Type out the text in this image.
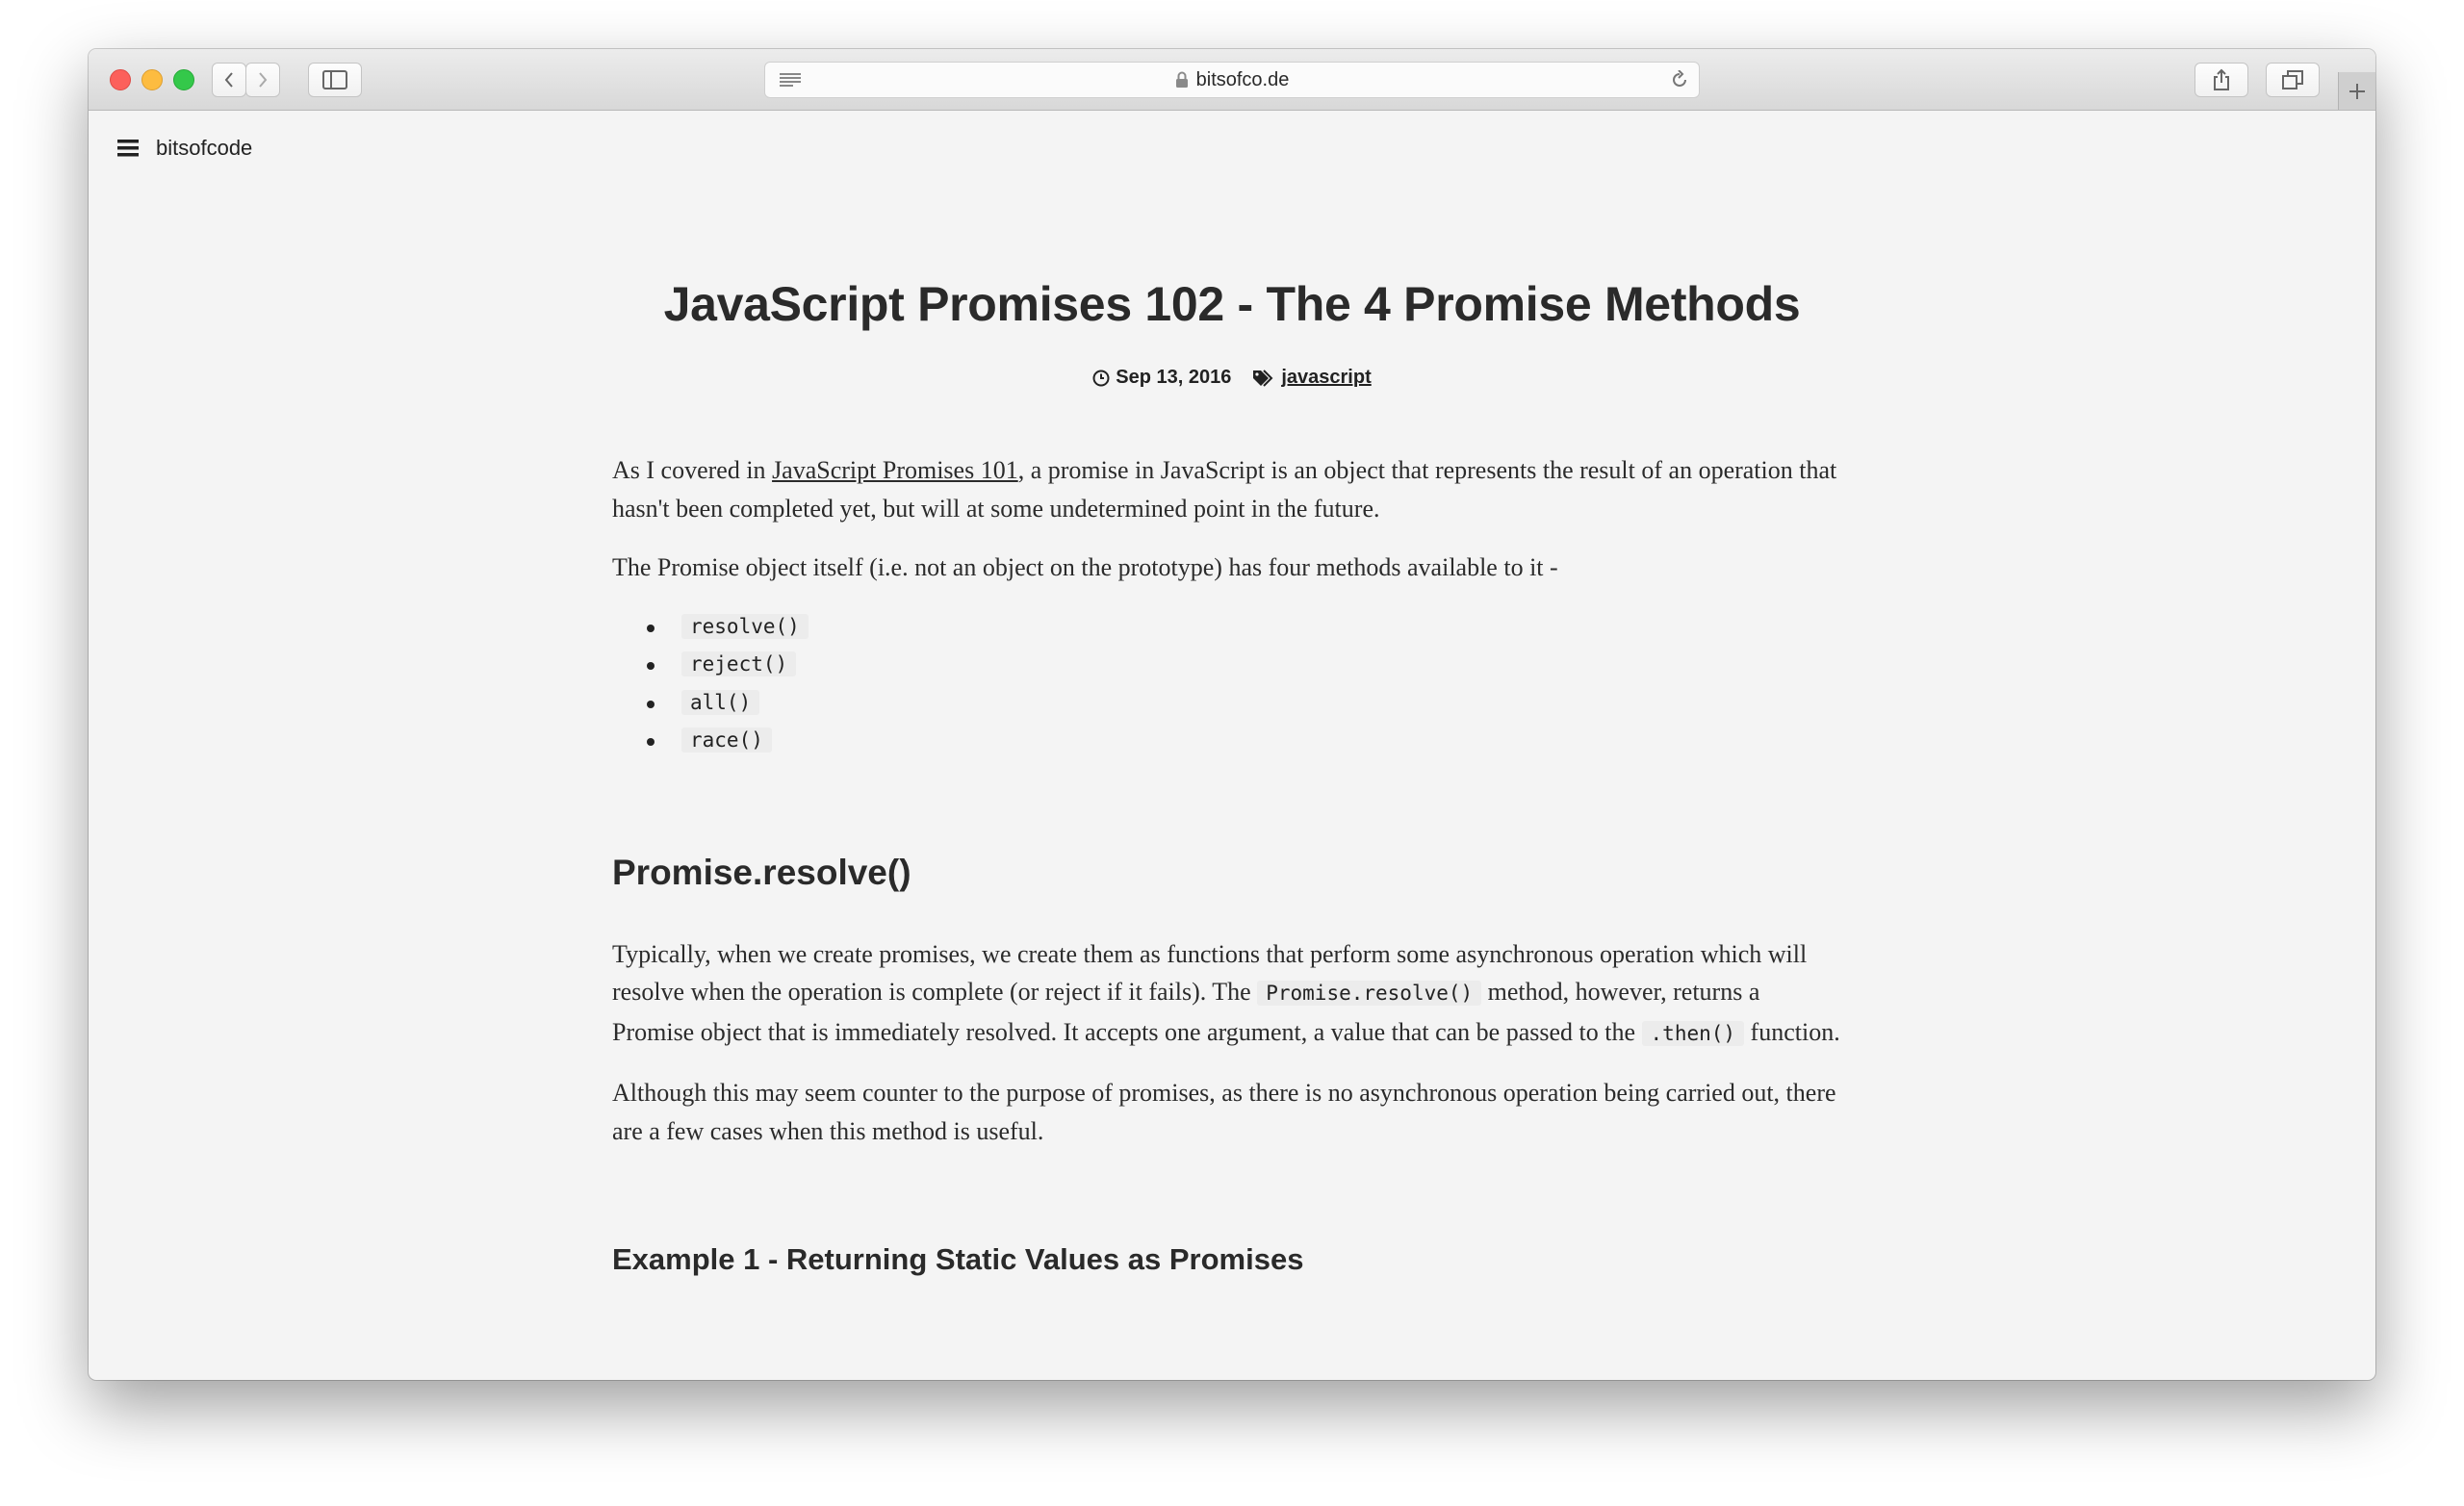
bitsofco.de
bitsofcode
JavaScript Promises 102 - The 4 Promise Methods
Sep 13, 2016	javascript

As I covered in JavaScript Promises 101, a promise in JavaScript is an object that represents the result of an operation that hasn't been completed yet, but will at some undetermined point in the future.

The Promise object itself (i.e. not an object on the prototype) has four methods available to it -

resolve()
reject()
all()
race()
Promise.resolve()

Typically, when we create promises, we create them as functions that perform some asynchronous operation which will resolve when the operation is complete (or reject if it fails). The Promise.resolve() method, however, returns a Promise object that is immediately resolved. It accepts one argument, a value that can be passed to the .then() function.

Although this may seem counter to the purpose of promises, as there is no asynchronous operation being carried out, there are a few cases when this method is useful.

Example 1 - Returning Static Values as Promises
